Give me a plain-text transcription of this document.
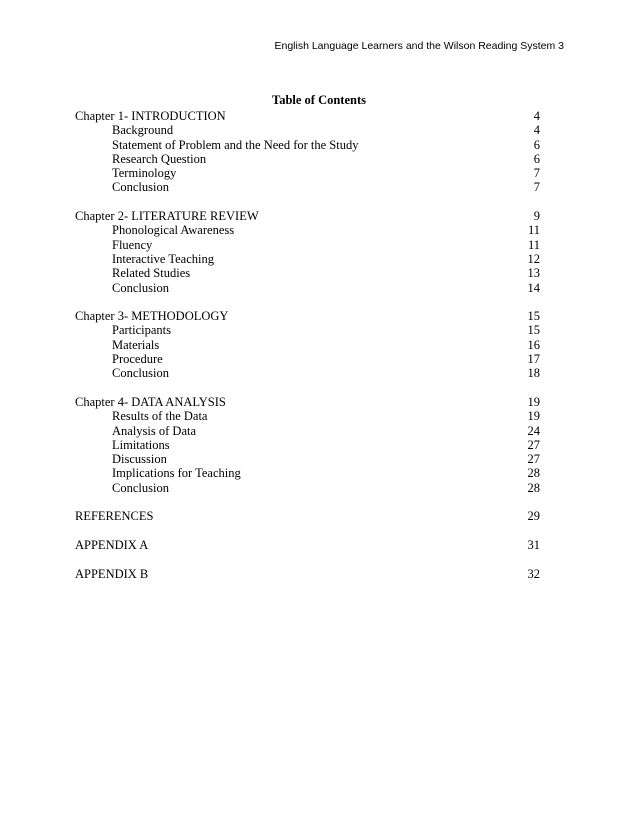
English Language Learners and the Wilson Reading System 3
Table of Contents
Chapter 1- INTRODUCTION	4
Background	4
Statement of Problem and the Need for the Study	6
Research Question	6
Terminology	7
Conclusion	7
Chapter 2- LITERATURE REVIEW	9
Phonological Awareness	11
Fluency	11
Interactive Teaching	12
Related Studies	13
Conclusion	14
Chapter 3- METHODOLOGY	15
Participants	15
Materials	16
Procedure	17
Conclusion	18
Chapter 4- DATA ANALYSIS	19
Results of the Data	19
Analysis of Data	24
Limitations	27
Discussion	27
Implications for Teaching	28
Conclusion	28
REFERENCES	29
APPENDIX A	31
APPENDIX B	32
